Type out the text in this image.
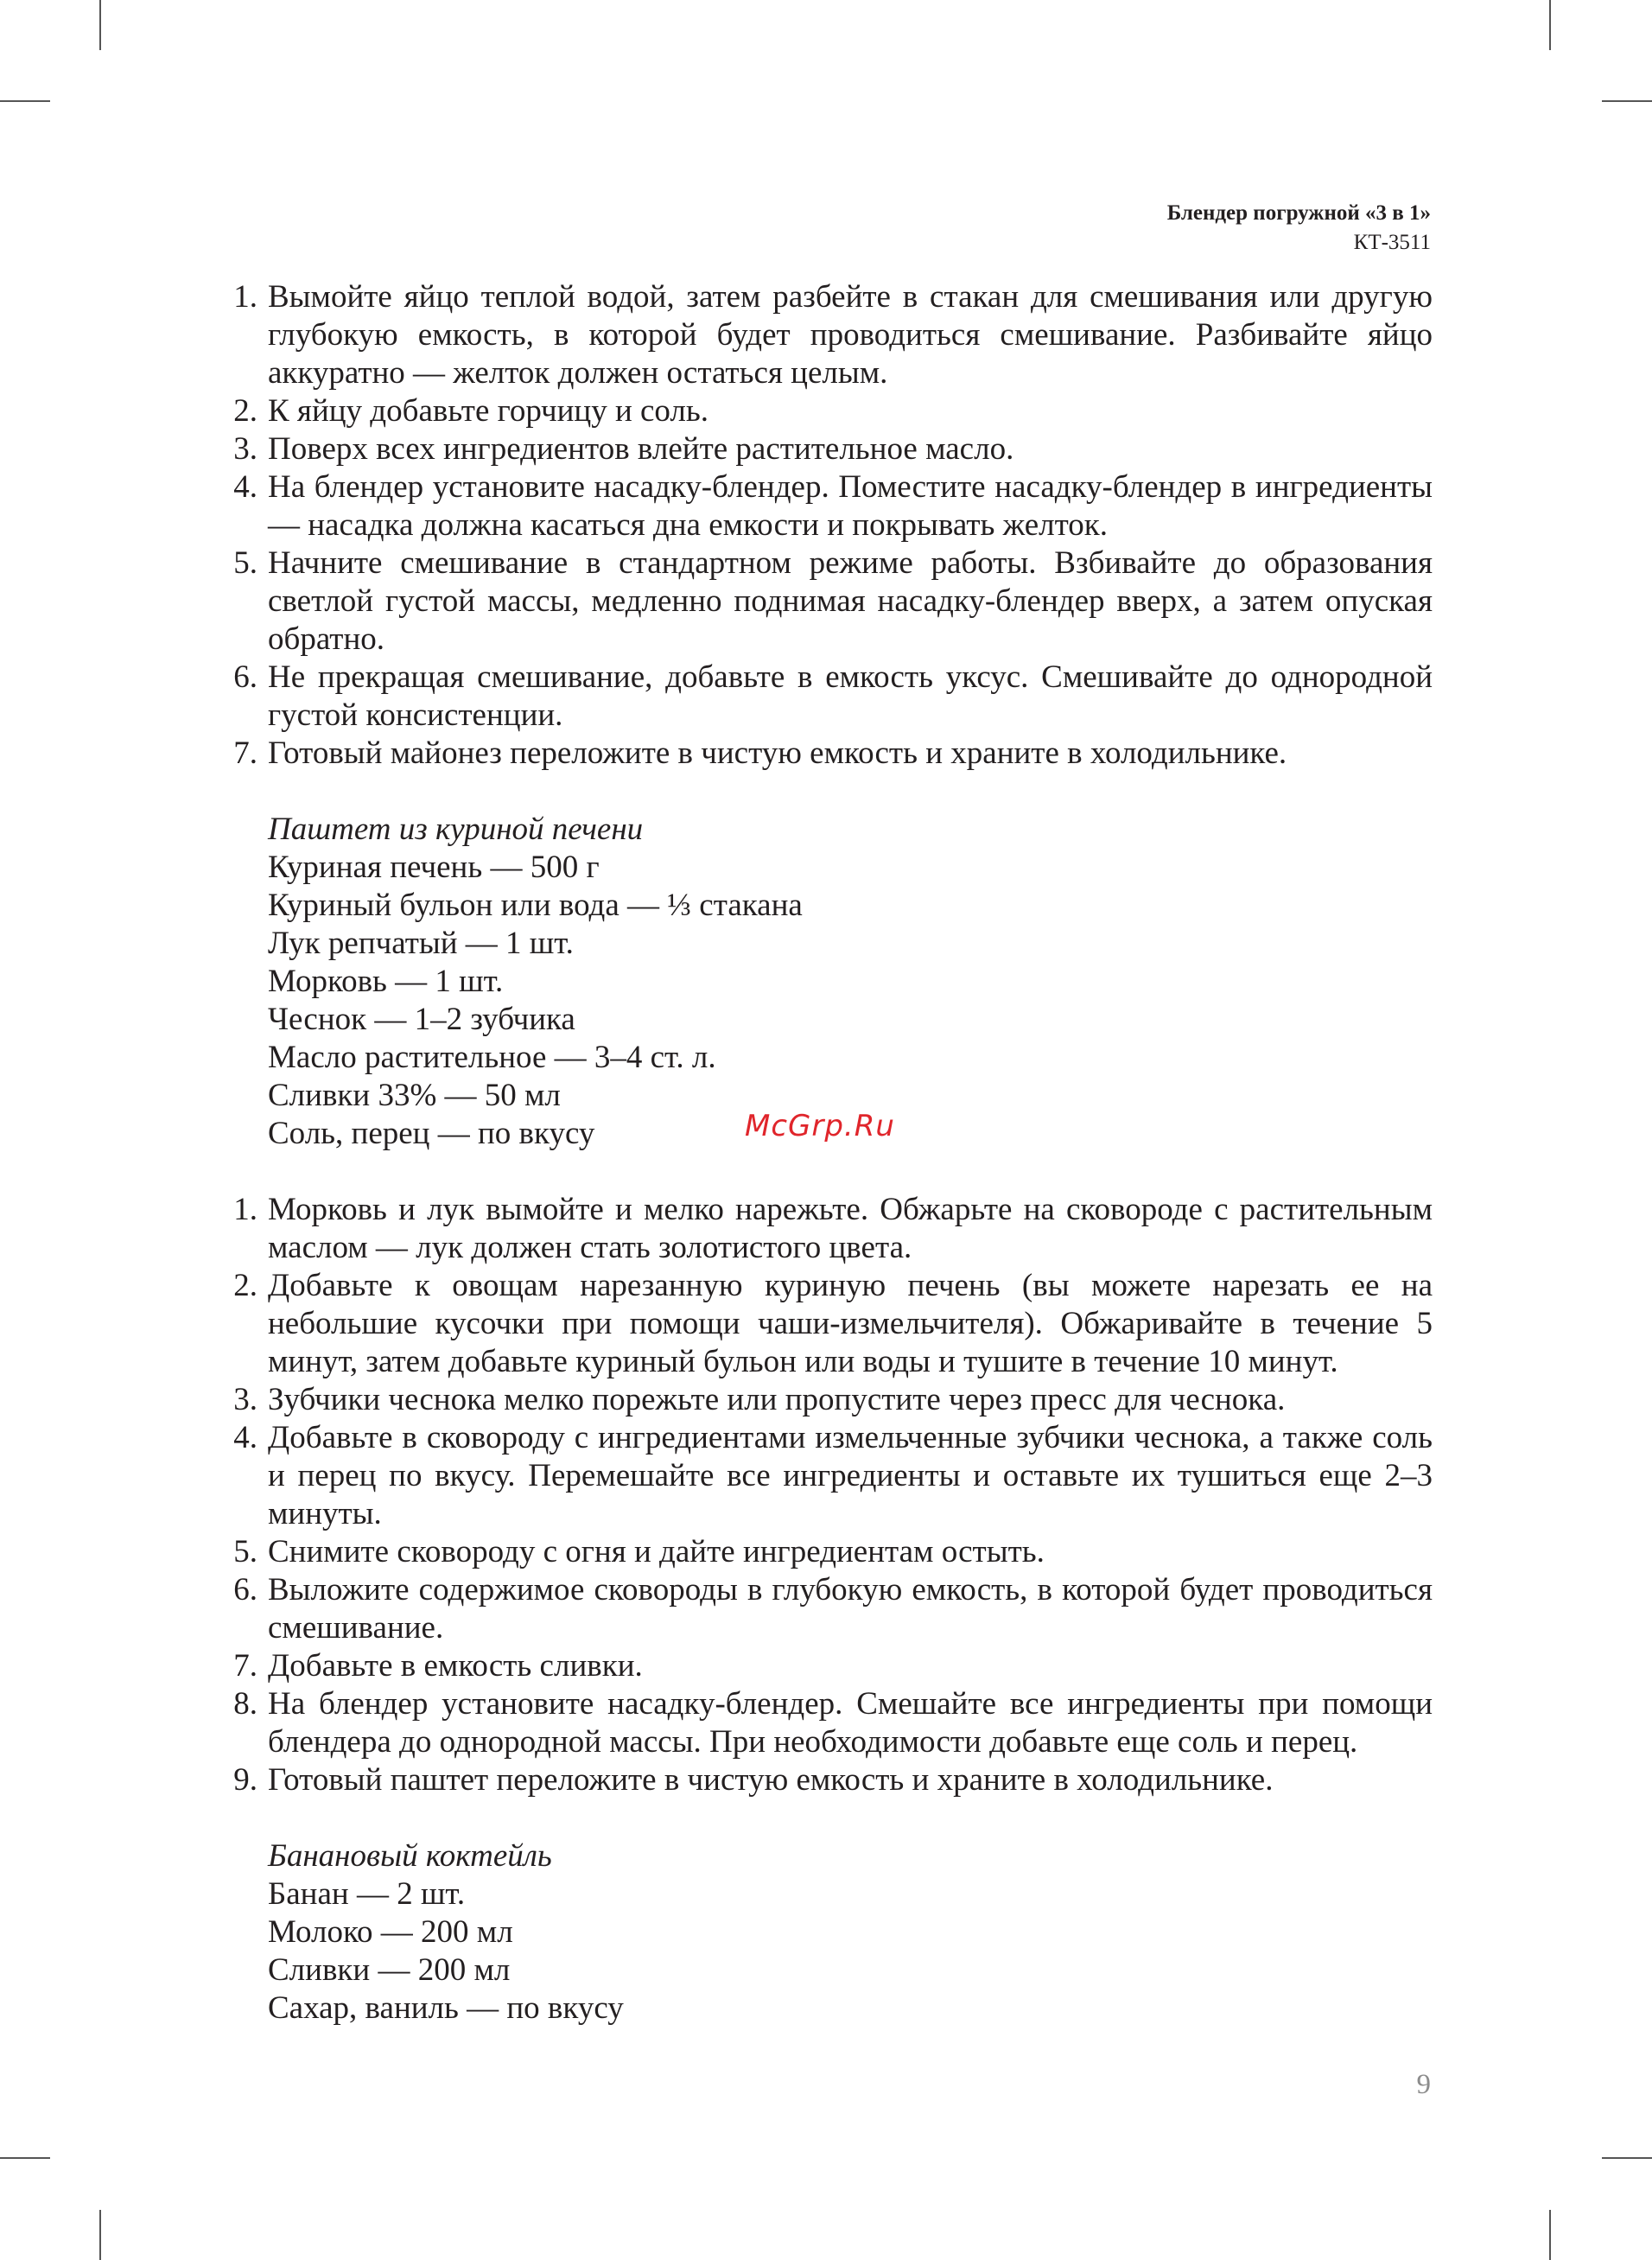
Блендер погружной «3 в 1»
КТ-3511
1. Вымойте яйцо теплой водой, затем разбейте в стакан для смешивания или другую глубокую емкость, в которой будет проводиться смешивание. Разбивайте яйцо аккуратно — желток должен остаться целым.
2. К яйцу добавьте горчицу и соль.
3. Поверх всех ингредиентов влейте растительное масло.
4. На блендер установите насадку-блендер. Поместите насадку-блендер в ингредиенты — насадка должна касаться дна емкости и покрывать желток.
5. Начните смешивание в стандартном режиме работы. Взбивайте до образования светлой густой массы, медленно поднимая насадку-блендер вверх, а затем опуская обратно.
6. Не прекращая смешивание, добавьте в емкость уксус. Смешивайте до однородной густой консистенции.
7. Готовый майонез переложите в чистую емкость и храните в холодильнике.
Паштет из куриной печени
Куриная печень — 500 г
Куриный бульон или вода — ⅓ стакана
Лук репчатый — 1 шт.
Морковь — 1 шт.
Чеснок — 1–2 зубчика
Масло растительное — 3–4 ст. л.
Сливки 33% — 50 мл
Соль, перец — по вкусу
1. Морковь и лук вымойте и мелко нарежьте. Обжарьте на сковороде с растительным маслом — лук должен стать золотистого цвета.
2. Добавьте к овощам нарезанную куриную печень (вы можете нарезать ее на небольшие кусочки при помощи чаши-измельчителя). Обжаривайте в течение 5 минут, затем добавьте куриный бульон или воды и тушите в течение 10 минут.
3. Зубчики чеснока мелко порежьте или пропустите через пресс для чеснока.
4. Добавьте в сковороду с ингредиентами измельченные зубчики чеснока, а также соль и перец по вкусу. Перемешайте все ингредиенты и оставьте их тушиться еще 2–3 минуты.
5. Снимите сковороду с огня и дайте ингредиентам остыть.
6. Выложите содержимое сковороды в глубокую емкость, в которой будет проводиться смешивание.
7. Добавьте в емкость сливки.
8. На блендер установите насадку-блендер. Смешайте все ингредиенты при помощи блендера до однородной массы. При необходимости добавьте еще соль и перец.
9. Готовый паштет переложите в чистую емкость и храните в холодильнике.
Банановый коктейль
Банан — 2 шт.
Молоко — 200 мл
Сливки — 200 мл
Сахар, ваниль — по вкусу
McGrp.Ru
9
